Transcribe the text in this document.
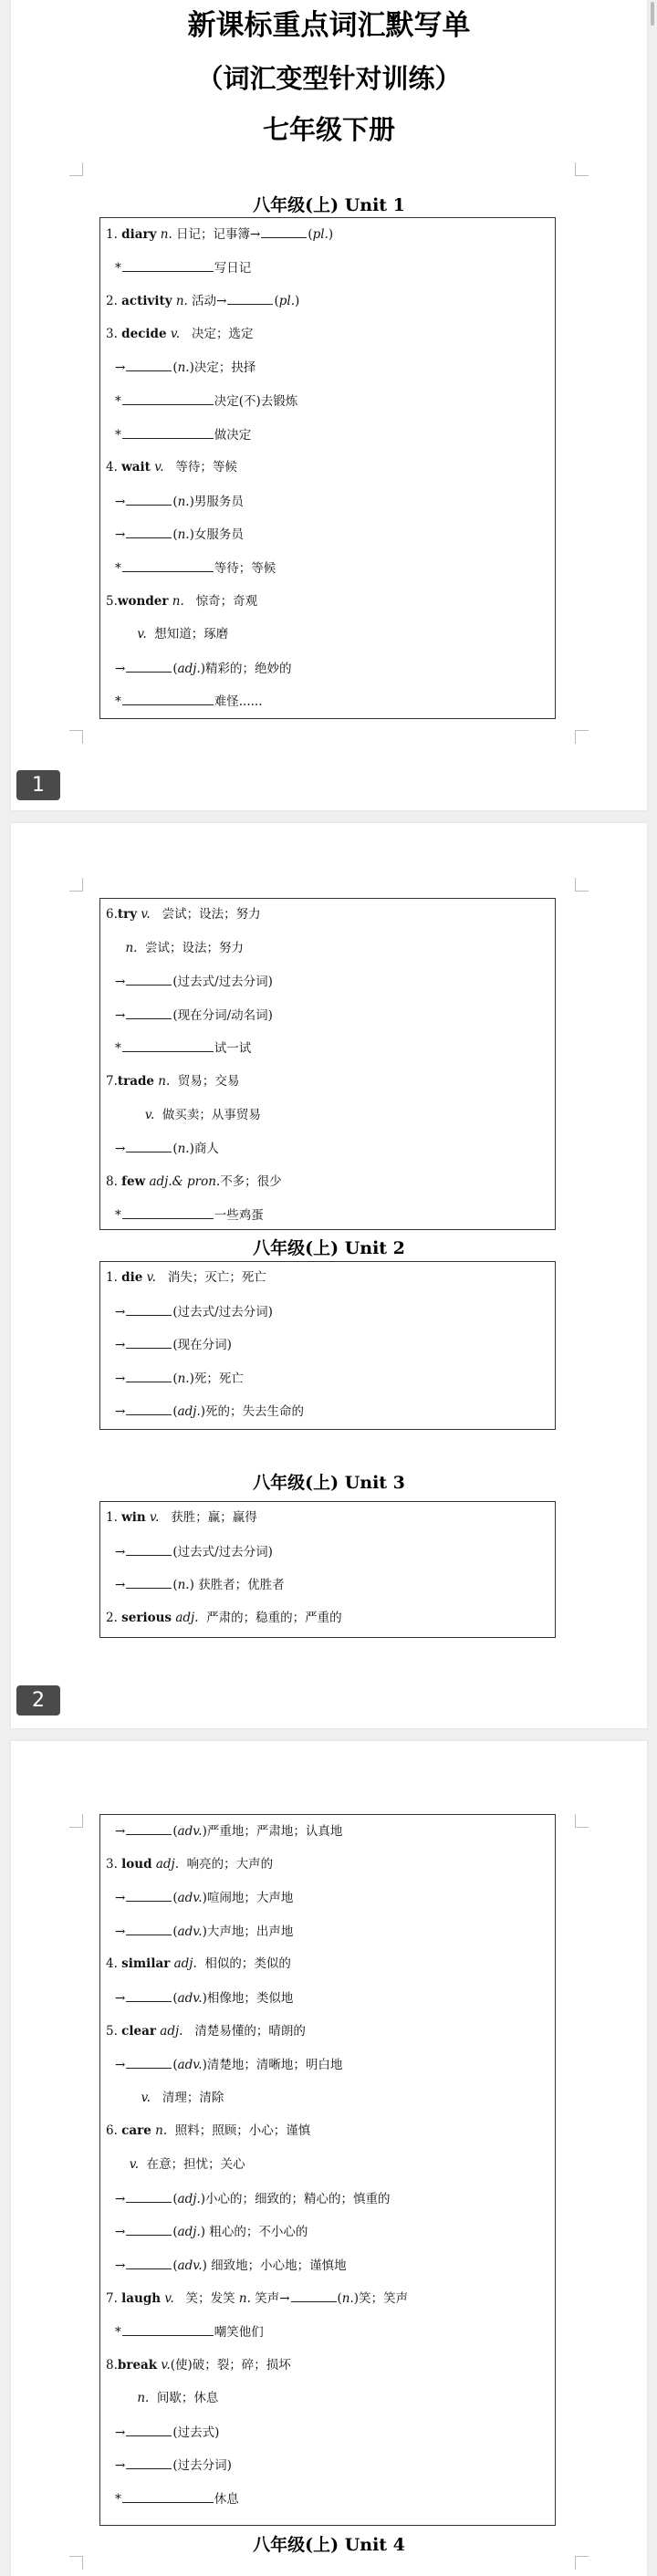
新课标重点词汇默写单
（词汇变型针对训练）
七年级下册
八年级(上) Unit 1
1. diary n. 日记；记事簿→	(pl.)
*	写日记
2. activity n. 活动→	(pl.)
3. decide v.   决定；选定
→	(n.)决定；抉择
*	决定(不)去锻炼
*	做决定
4. wait v.   等待；等候
→	(n.)男服务员
→	(n.)女服务员
*	等待；等候
5.wonder n.   惊奇；奇观
v.  想知道；琢磨
→	(adj.)精彩的；绝妙的
*	难怪......
1
6.try v.   尝试；设法；努力
n.  尝试；设法；努力
→	(过去式/过去分词)
→	(现在分词/动名词)
*	试一试
7.trade n.  贸易；交易
v.  做买卖；从事贸易
→	(n.)商人
8. few adj.& pron.不多；很少
*	一些鸡蛋
八年级(上) Unit 2
1. die v.   消失；灭亡；死亡
→	(过去式/过去分词)
→	(现在分词)
→	(n.)死；死亡
→	(adj.)死的；失去生命的
八年级(上) Unit 3
1. win v.   获胜；赢；赢得
→	(过去式/过去分词)
→	(n.) 获胜者；优胜者
2. serious adj.  严肃的；稳重的；严重的
2
→	(adv.)严重地；严肃地；认真地
3. loud adj.  响亮的；大声的
→	(adv.)喧闹地；大声地
→	(adv.)大声地；出声地
4. similar adj.  相似的；类似的
→	(adv.)相像地；类似地
5. clear adj.   清楚易懂的；晴朗的
→	(adv.)清楚地；清晰地；明白地
v.   清理；清除
6. care n.  照料；照顾；小心；谨慎
v.  在意；担忧；关心
→	(adj.)小心的；细致的；精心的；慎重的
→	(adj.) 粗心的；不小心的
→	(adv.) 细致地；小心地；谨慎地
7. laugh v.   笑；发笑 n. 笑声→	(n.)笑；笑声
*	嘲笑他们
8.break v.(使)破；裂；碎；损坏
n.  间歇；休息
→	(过去式)
→	(过去分词)
*	休息
八年级(上) Unit 4
